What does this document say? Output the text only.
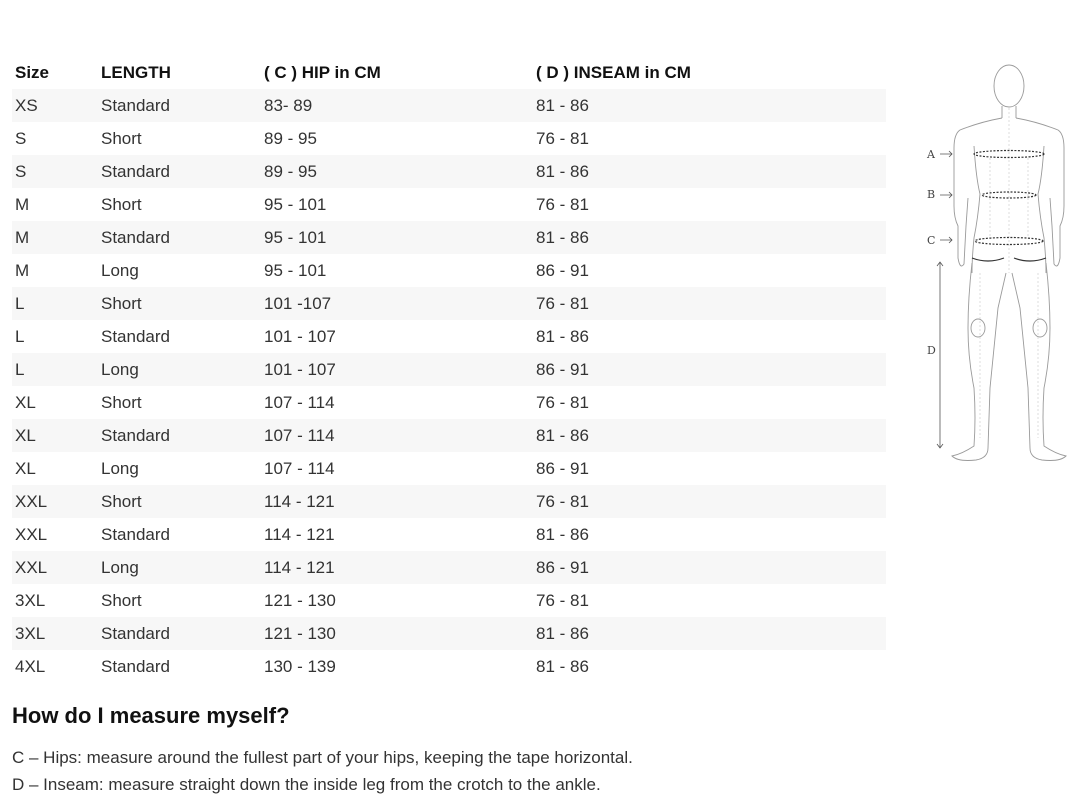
Size	LENGTH	( C ) HIP in CM	( D ) INSEAM in CM
XS	Standard	83- 89	81 - 86
S	Short	89 - 95	76 - 81
S	Standard	89 - 95	81 - 86
M	Short	95 - 101	76 - 81
M	Standard	95 - 101	81 - 86
M	Long	95 - 101	86 - 91
L	Short	101 -107	76 - 81
L	Standard	101 - 107	81 - 86
L	Long	101 - 107	86 - 91
XL	Short	107 - 114	76 - 81
XL	Standard	107 - 114	81 - 86
XL	Long	107 - 114	86 - 91
XXL	Short	114 - 121	76 - 81
XXL	Standard	114 - 121	81 - 86
XXL	Long	114 - 121	86 - 91
3XL	Short	121 - 130	76 - 81
3XL	Standard	121 - 130	81 - 86
4XL	Standard	130 - 139	81 - 86
A
B
C
D
How do I measure myself?

C – Hips: measure around the fullest part of your hips, keeping the tape horizontal.

D – Inseam: measure straight down the inside leg from the crotch to the ankle.
